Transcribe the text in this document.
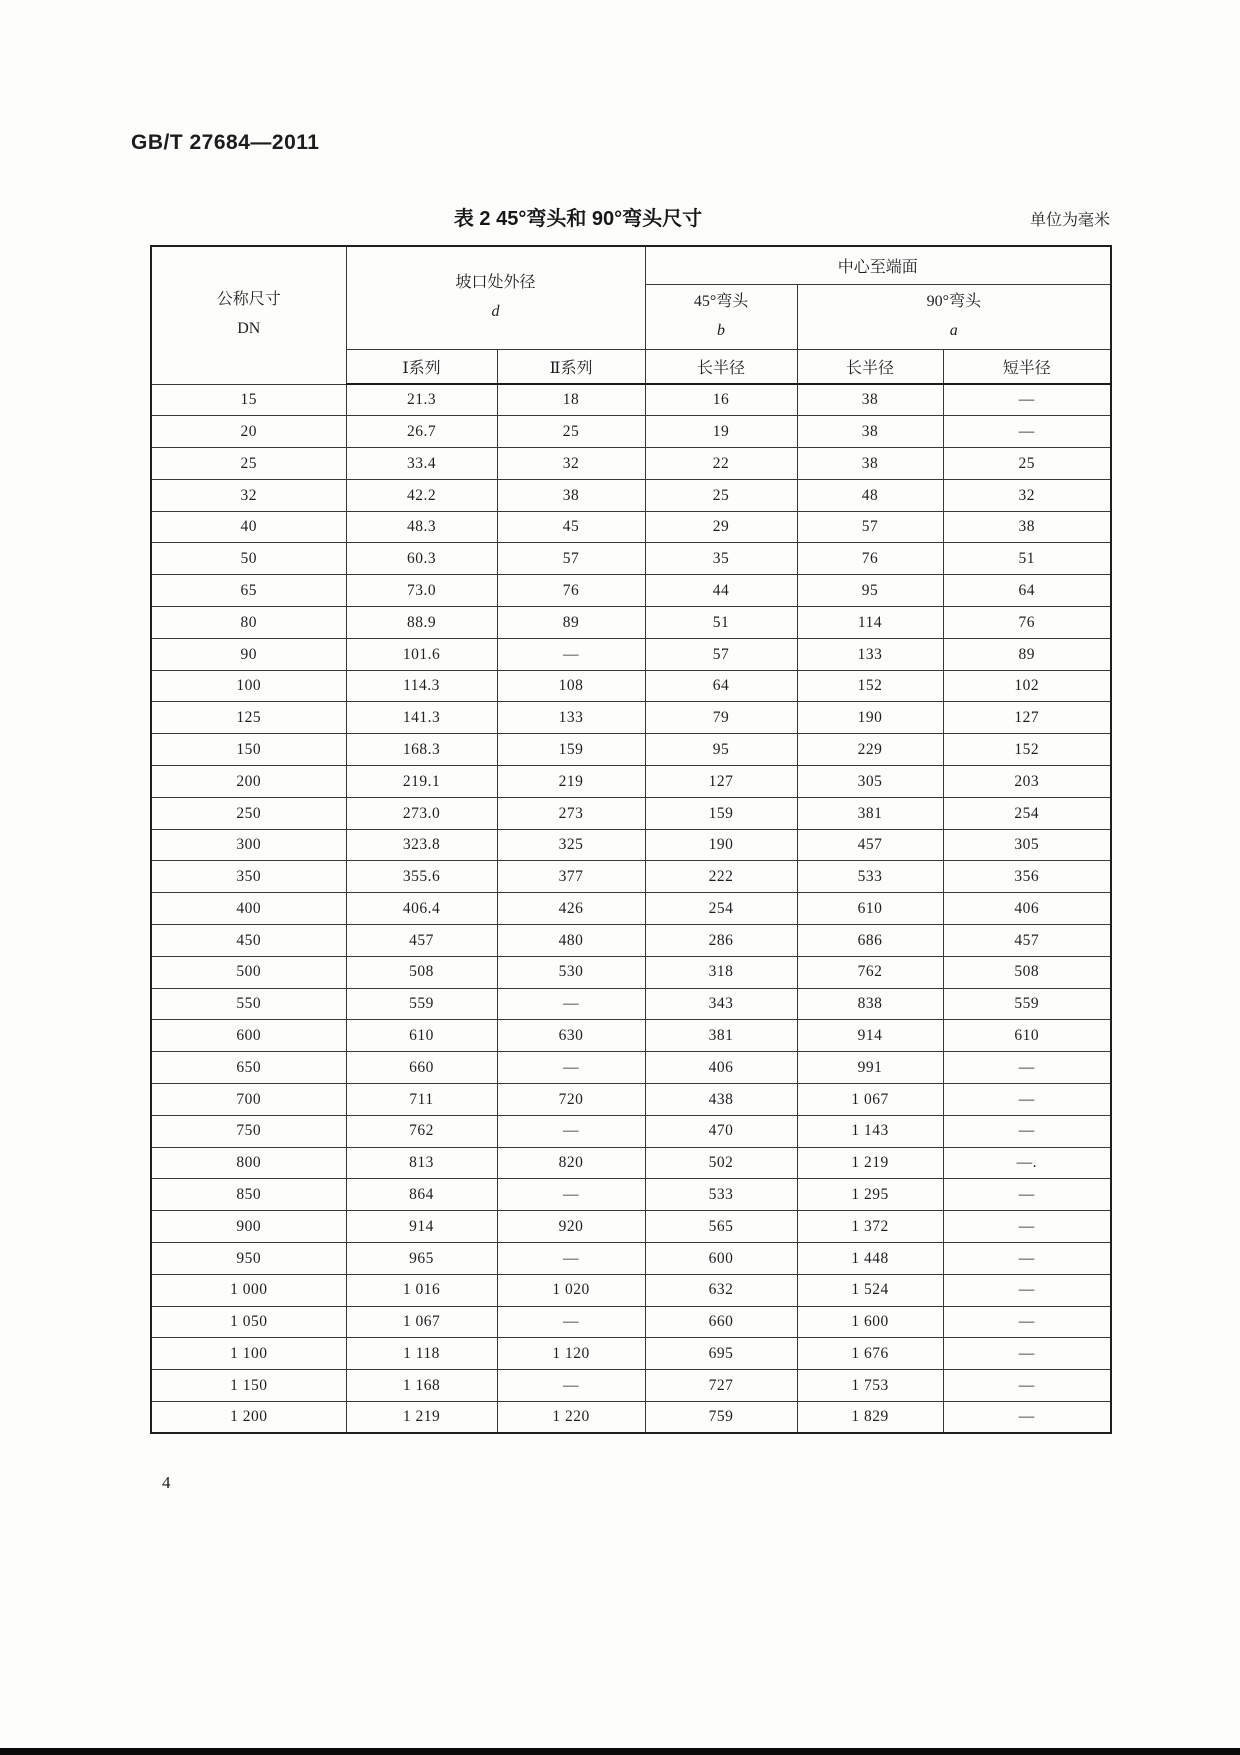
GB/T 27684—2011
表 2 45°弯头和 90°弯头尺寸	单位为毫米
公称尺寸
DN

坡口处外径
d
	中心至端面

45°弯头
b

90°弯头
a

	Ⅰ系列	Ⅱ系列	长半径	长半径	短半径
15	21.3	18	16	38	—
20	26.7	25	19	38	—
25	33.4	32	22	38	25
32	42.2	38	25	48	32
40	48.3	45	29	57	38
50	60.3	57	35	76	51
65	73.0	76	44	95	64
80	88.9	89	51	114	76
90	101.6	—	57	133	89
100	114.3	108	64	152	102
125	141.3	133	79	190	127
150	168.3	159	95	229	152
200	219.1	219	127	305	203
250	273.0	273	159	381	254
300	323.8	325	190	457	305
350	355.6	377	222	533	356
400	406.4	426	254	610	406
450	457	480	286	686	457
500	508	530	318	762	508
550	559	—	343	838	559
600	610	630	381	914	610
650	660	—	406	991	—
700	711	720	438	1 067	—
750	762	—	470	1 143	—
800	813	820	502	1 219	—.
850	864	—	533	1 295	—
900	914	920	565	1 372	—
950	965	—	600	1 448	—
1 000	1 016	1 020	632	1 524	—
1 050	1 067	—	660	1 600	—
1 100	1 118	1 120	695	1 676	—
1 150	1 168	—	727	1 753	—
1 200	1 219	1 220	759	1 829	—
4
